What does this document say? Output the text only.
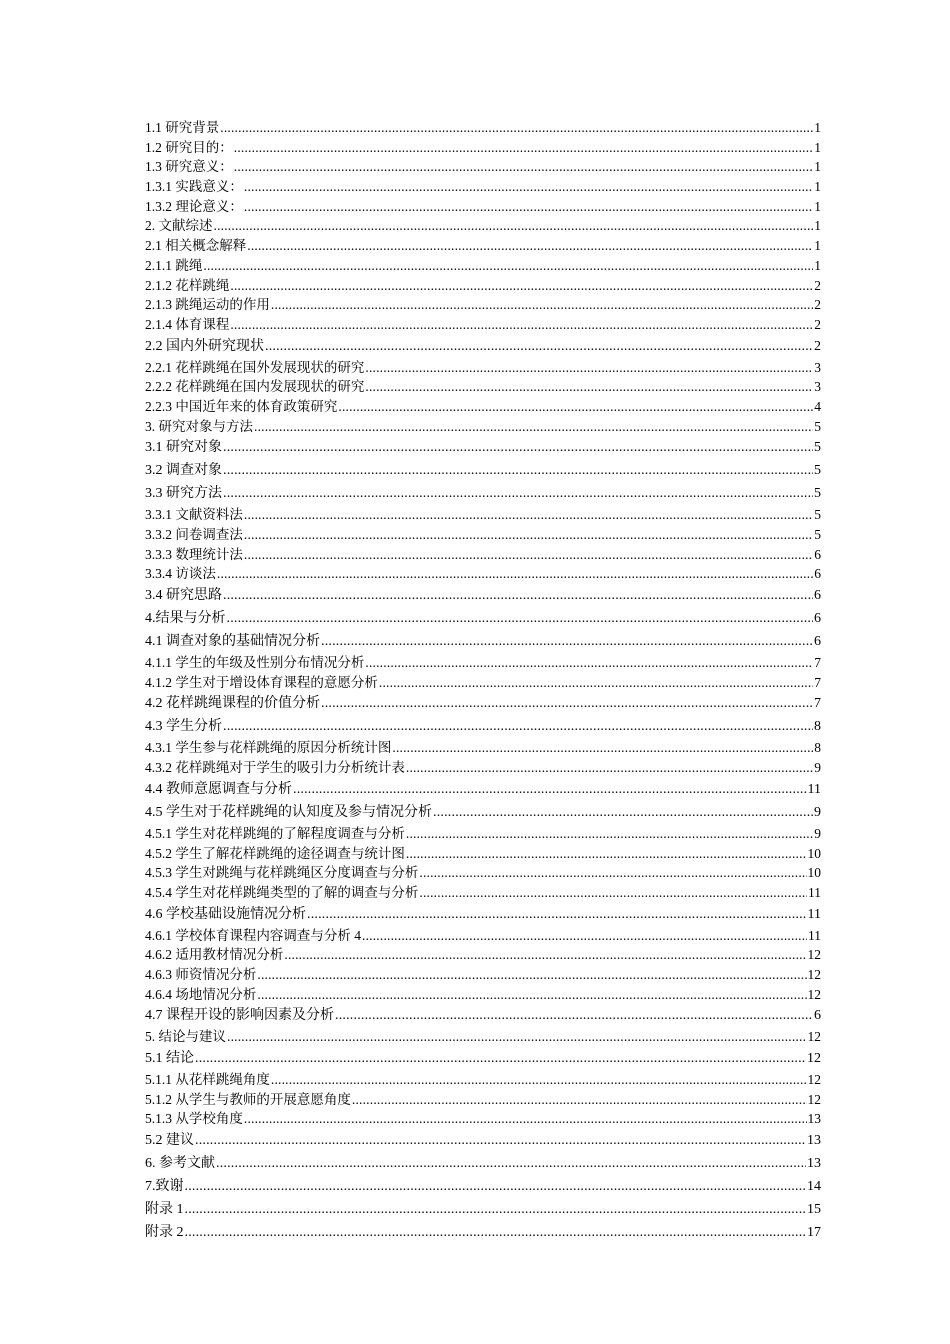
1.1 研究背景 .....	1
1.2 研究目的： .....	1
1.3 研究意义： .....	1
1.3.1 实践意义： .....	1
1.3.2 理论意义： .....	1
2. 文献综述 .....	1
2.1 相关概念解释 .....	1
2.1.1 跳绳 .....	1
2.1.2 花样跳绳 .....	2
2.1.3 跳绳运动的作用 .....	2
2.1.4 体育课程 .....	2
2.2 国内外研究现状 .....	2
2.2.1 花样跳绳在国外发展现状的研究 .....	3
2.2.2 花样跳绳在国内发展现状的研究 .....	3
2.2.3 中国近年来的体育政策研究 .....	4
3. 研究对象与方法 .....	5
3.1 研究对象 .....	5
3.2 调查对象 .....	5
3.3 研究方法 .....	5
3.3.1 文献资料法 .....	5
3.3.2 问卷调查法 .....	5
3.3.3 数理统计法 .....	6
3.3.4 访谈法 .....	6
3.4 研究思路 .....	6
4.结果与分析 .....	6
4.1 调查对象的基础情况分析 .....	6
4.1.1 学生的年级及性别分布情况分析 .....	7
4.1.2 学生对于增设体育课程的意愿分析 .....	7
4.2 花样跳绳课程的价值分析 .....	7
4.3 学生分析 .....	8
4.3.1 学生参与花样跳绳的原因分析统计图 .....	8
4.3.2 花样跳绳对于学生的吸引力分析统计表 .....	9
4.4 教师意愿调查与分析 .....	11
4.5 学生对于花样跳绳的认知度及参与情况分析 .....	9
4.5.1 学生对花样跳绳的了解程度调查与分析 .....	9
4.5.2 学生了解花样跳绳的途径调查与统计图 .....	10
4.5.3 学生对跳绳与花样跳绳区分度调查与分析 .....	10
4.5.4 学生对花样跳绳类型的了解的调查与分析 .....	11
4.6 学校基础设施情况分析 .....	11
4.6.1 学校体育课程内容调查与分析 4 .....	11
4.6.2 适用教材情况分析 .....	12
4.6.3 师资情况分析 .....	12
4.6.4 场地情况分析 .....	12
4.7 课程开设的影响因素及分析 .....	6
5. 结论与建议 .....	12
5.1 结论 .....	12
5.1.1 从花样跳绳角度 .....	12
5.1.2 从学生与教师的开展意愿角度 .....	12
5.1.3 从学校角度 .....	13
5.2 建议 .....	13
6. 参考文献 .....	13
7.致谢 .....	14
附录 1 .....	15
附录 2 .....	17
